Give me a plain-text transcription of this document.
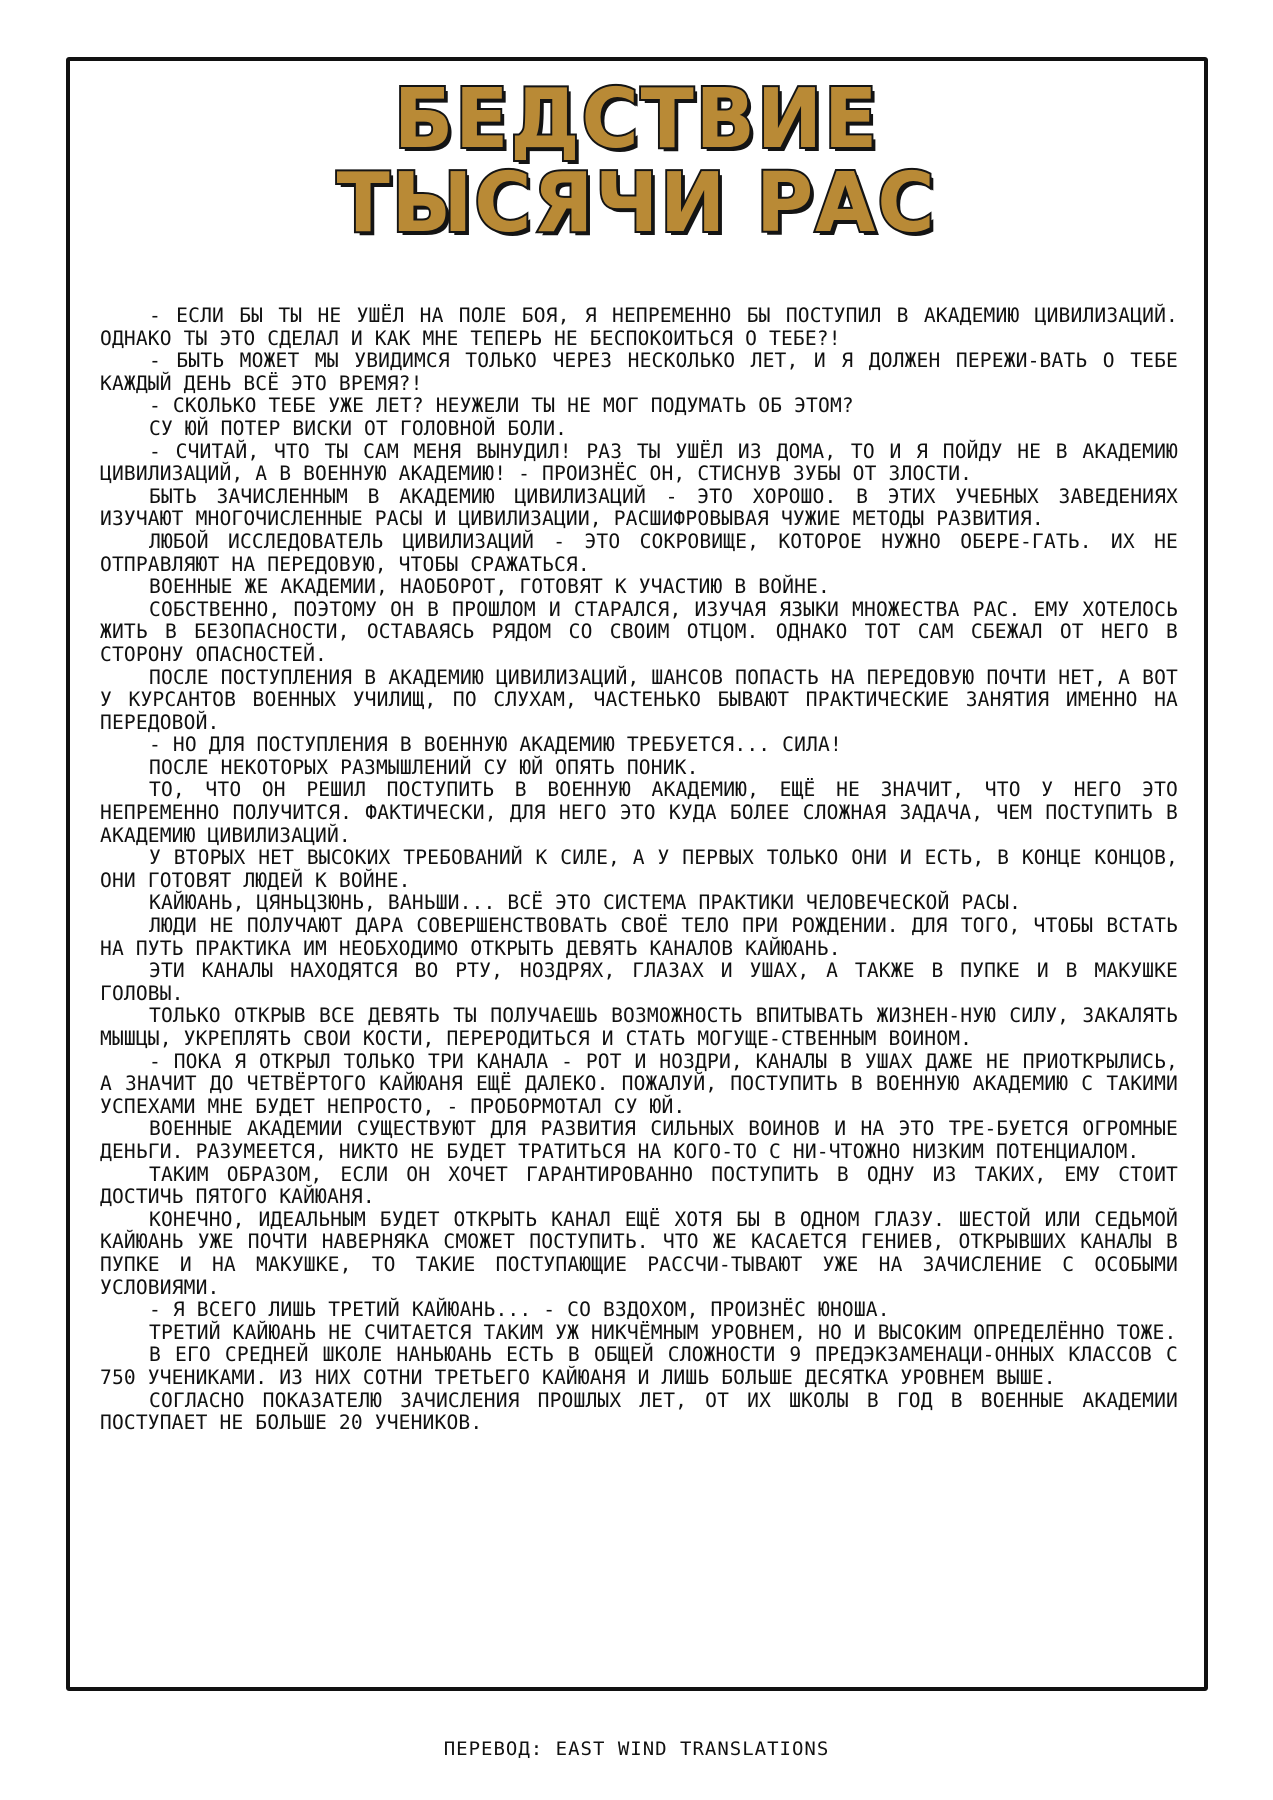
БЕДСТВИЕ
ТЫСЯЧИ РАС

- ЕСЛИ БЫ ТЫ НЕ УШЁЛ НА ПОЛЕ БОЯ, Я НЕПРЕМЕННО БЫ ПОСТУПИЛ В АКАДЕМИЮ ЦИВИЛИЗАЦИЙ. ОДНАКО ТЫ ЭТО СДЕЛАЛ И КАК МНЕ ТЕПЕРЬ НЕ БЕСПОКОИТЬСЯ О ТЕБЕ?!

- БЫТЬ МОЖЕТ МЫ УВИДИМСЯ ТОЛЬКО ЧЕРЕЗ НЕСКОЛЬКО ЛЕТ, И Я ДОЛЖЕН ПЕРЕЖИ-ВАТЬ О ТЕБЕ КАЖДЫЙ ДЕНЬ ВСЁ ЭТО ВРЕМЯ?!

- СКОЛЬКО ТЕБЕ УЖЕ ЛЕТ? НЕУЖЕЛИ ТЫ НЕ МОГ ПОДУМАТЬ ОБ ЭТОМ?

СУ ЮЙ ПОТЕР ВИСКИ ОТ ГОЛОВНОЙ БОЛИ.

- СЧИТАЙ, ЧТО ТЫ САМ МЕНЯ ВЫНУДИЛ! РАЗ ТЫ УШЁЛ ИЗ ДОМА, ТО И Я ПОЙДУ НЕ В АКАДЕМИЮ ЦИВИЛИЗАЦИЙ, А В ВОЕННУЮ АКАДЕМИЮ! - ПРОИЗНЁС ОН, СТИСНУВ ЗУБЫ ОТ ЗЛОСТИ.

БЫТЬ ЗАЧИСЛЕННЫМ В АКАДЕМИЮ ЦИВИЛИЗАЦИЙ - ЭТО ХОРОШО. В ЭТИХ УЧЕБНЫХ ЗАВЕДЕНИЯХ ИЗУЧАЮТ МНОГОЧИСЛЕННЫЕ РАСЫ И ЦИВИЛИЗАЦИИ, РАСШИФРОВЫВАЯ ЧУЖИЕ МЕТОДЫ РАЗВИТИЯ.

ЛЮБОЙ ИССЛЕДОВАТЕЛЬ ЦИВИЛИЗАЦИЙ - ЭТО СОКРОВИЩЕ, КОТОРОЕ НУЖНО ОБЕРЕ-ГАТЬ. ИХ НЕ ОТПРАВЛЯЮТ НА ПЕРЕДОВУЮ, ЧТОБЫ СРАЖАТЬСЯ.

ВОЕННЫЕ ЖЕ АКАДЕМИИ, НАОБОРОТ, ГОТОВЯТ К УЧАСТИЮ В ВОЙНЕ.

СОБСТВЕННО, ПОЭТОМУ ОН В ПРОШЛОМ И СТАРАЛСЯ, ИЗУЧАЯ ЯЗЫКИ МНОЖЕСТВА РАС. ЕМУ ХОТЕЛОСЬ ЖИТЬ В БЕЗОПАСНОСТИ, ОСТАВАЯСЬ РЯДОМ СО СВОИМ ОТЦОМ. ОДНАКО ТОТ САМ СБЕЖАЛ ОТ НЕГО В СТОРОНУ ОПАСНОСТЕЙ.

ПОСЛЕ ПОСТУПЛЕНИЯ В АКАДЕМИЮ ЦИВИЛИЗАЦИЙ, ШАНСОВ ПОПАСТЬ НА ПЕРЕДОВУЮ ПОЧТИ НЕТ, А ВОТ У КУРСАНТОВ ВОЕННЫХ УЧИЛИЩ, ПО СЛУХАМ, ЧАСТЕНЬКО БЫВАЮТ ПРАКТИЧЕСКИЕ ЗАНЯТИЯ ИМЕННО НА ПЕРЕДОВОЙ.

- НО ДЛЯ ПОСТУПЛЕНИЯ В ВОЕННУЮ АКАДЕМИЮ ТРЕБУЕТСЯ... СИЛА!

ПОСЛЕ НЕКОТОРЫХ РАЗМЫШЛЕНИЙ СУ ЮЙ ОПЯТЬ ПОНИК.

ТО, ЧТО ОН РЕШИЛ ПОСТУПИТЬ В ВОЕННУЮ АКАДЕМИЮ, ЕЩЁ НЕ ЗНАЧИТ, ЧТО У НЕГО ЭТО НЕПРЕМЕННО ПОЛУЧИТСЯ. ФАКТИЧЕСКИ, ДЛЯ НЕГО ЭТО КУДА БОЛЕЕ СЛОЖНАЯ ЗАДАЧА, ЧЕМ ПОСТУПИТЬ В АКАДЕМИЮ ЦИВИЛИЗАЦИЙ.

У ВТОРЫХ НЕТ ВЫСОКИХ ТРЕБОВАНИЙ К СИЛЕ, А У ПЕРВЫХ ТОЛЬКО ОНИ И ЕСТЬ, В КОНЦЕ КОНЦОВ, ОНИ ГОТОВЯТ ЛЮДЕЙ К ВОЙНЕ.

КАЙЮАНЬ, ЦЯНЬЦЗЮНЬ, ВАНЬШИ... ВСЁ ЭТО СИСТЕМА ПРАКТИКИ ЧЕЛОВЕЧЕСКОЙ РАСЫ.

ЛЮДИ НЕ ПОЛУЧАЮТ ДАРА СОВЕРШЕНСТВОВАТЬ СВОЁ ТЕЛО ПРИ РОЖДЕНИИ. ДЛЯ ТОГО, ЧТОБЫ ВСТАТЬ НА ПУТЬ ПРАКТИКА ИМ НЕОБХОДИМО ОТКРЫТЬ ДЕВЯТЬ КАНАЛОВ КАЙЮАНЬ.

ЭТИ КАНАЛЫ НАХОДЯТСЯ ВО РТУ, НОЗДРЯХ, ГЛАЗАХ И УШАХ, А ТАКЖЕ В ПУПКЕ И В МАКУШКЕ ГОЛОВЫ.

ТОЛЬКО ОТКРЫВ ВСЕ ДЕВЯТЬ ТЫ ПОЛУЧАЕШЬ ВОЗМОЖНОСТЬ ВПИТЫВАТЬ ЖИЗНЕН-НУЮ СИЛУ, ЗАКАЛЯТЬ МЫШЦЫ, УКРЕПЛЯТЬ СВОИ КОСТИ, ПЕРЕРОДИТЬСЯ И СТАТЬ МОГУЩЕ-СТВЕННЫМ ВОИНОМ.

- ПОКА Я ОТКРЫЛ ТОЛЬКО ТРИ КАНАЛА - РОТ И НОЗДРИ, КАНАЛЫ В УШАХ ДАЖЕ НЕ ПРИОТКРЫЛИСЬ, А ЗНАЧИТ ДО ЧЕТВЁРТОГО КАЙЮАНЯ ЕЩЁ ДАЛЕКО. ПОЖАЛУЙ, ПОСТУПИТЬ В ВОЕННУЮ АКАДЕМИЮ С ТАКИМИ УСПЕХАМИ МНЕ БУДЕТ НЕПРОСТО, - ПРОБОРМОТАЛ СУ ЮЙ.

ВОЕННЫЕ АКАДЕМИИ СУЩЕСТВУЮТ ДЛЯ РАЗВИТИЯ СИЛЬНЫХ ВОИНОВ И НА ЭТО ТРЕ-БУЕТСЯ ОГРОМНЫЕ ДЕНЬГИ. РАЗУМЕЕТСЯ, НИКТО НЕ БУДЕТ ТРАТИТЬСЯ НА КОГО-ТО С НИ-ЧТОЖНО НИЗКИМ ПОТЕНЦИАЛОМ.

ТАКИМ ОБРАЗОМ, ЕСЛИ ОН ХОЧЕТ ГАРАНТИРОВАННО ПОСТУПИТЬ В ОДНУ ИЗ ТАКИХ, ЕМУ СТОИТ ДОСТИЧЬ ПЯТОГО КАЙЮАНЯ.

КОНЕЧНО, ИДЕАЛЬНЫМ БУДЕТ ОТКРЫТЬ КАНАЛ ЕЩЁ ХОТЯ БЫ В ОДНОМ ГЛАЗУ. ШЕСТОЙ ИЛИ СЕДЬМОЙ КАЙЮАНЬ УЖЕ ПОЧТИ НАВЕРНЯКА СМОЖЕТ ПОСТУПИТЬ. ЧТО ЖЕ КАСАЕТСЯ ГЕНИЕВ, ОТКРЫВШИХ КАНАЛЫ В ПУПКЕ И НА МАКУШКЕ, ТО ТАКИЕ ПОСТУПАЮЩИЕ РАССЧИ-ТЫВАЮТ УЖЕ НА ЗАЧИСЛЕНИЕ С ОСОБЫМИ УСЛОВИЯМИ.

- Я ВСЕГО ЛИШЬ ТРЕТИЙ КАЙЮАНЬ... - СО ВЗДОХОМ, ПРОИЗНЁС ЮНОША.

ТРЕТИЙ КАЙЮАНЬ НЕ СЧИТАЕТСЯ ТАКИМ УЖ НИКЧЁМНЫМ УРОВНЕМ, НО И ВЫСОКИМ ОПРЕДЕЛЁННО ТОЖЕ.

В ЕГО СРЕДНЕЙ ШКОЛЕ НАНЬЮАНЬ ЕСТЬ В ОБЩЕЙ СЛОЖНОСТИ 9 ПРЕДЭКЗАМЕНАЦИ-ОННЫХ КЛАССОВ С 750 УЧЕНИКАМИ. ИЗ НИХ СОТНИ ТРЕТЬЕГО КАЙЮАНЯ И ЛИШЬ БОЛЬШЕ ДЕСЯТКА УРОВНЕМ ВЫШЕ.

СОГЛАСНО ПОКАЗАТЕЛЮ ЗАЧИСЛЕНИЯ ПРОШЛЫХ ЛЕТ, ОТ ИХ ШКОЛЫ В ГОД В ВОЕННЫЕ АКАДЕМИИ ПОСТУПАЕТ НЕ БОЛЬШЕ 20 УЧЕНИКОВ.

ПЕРЕВОД: EAST WIND TRANSLATIONS
